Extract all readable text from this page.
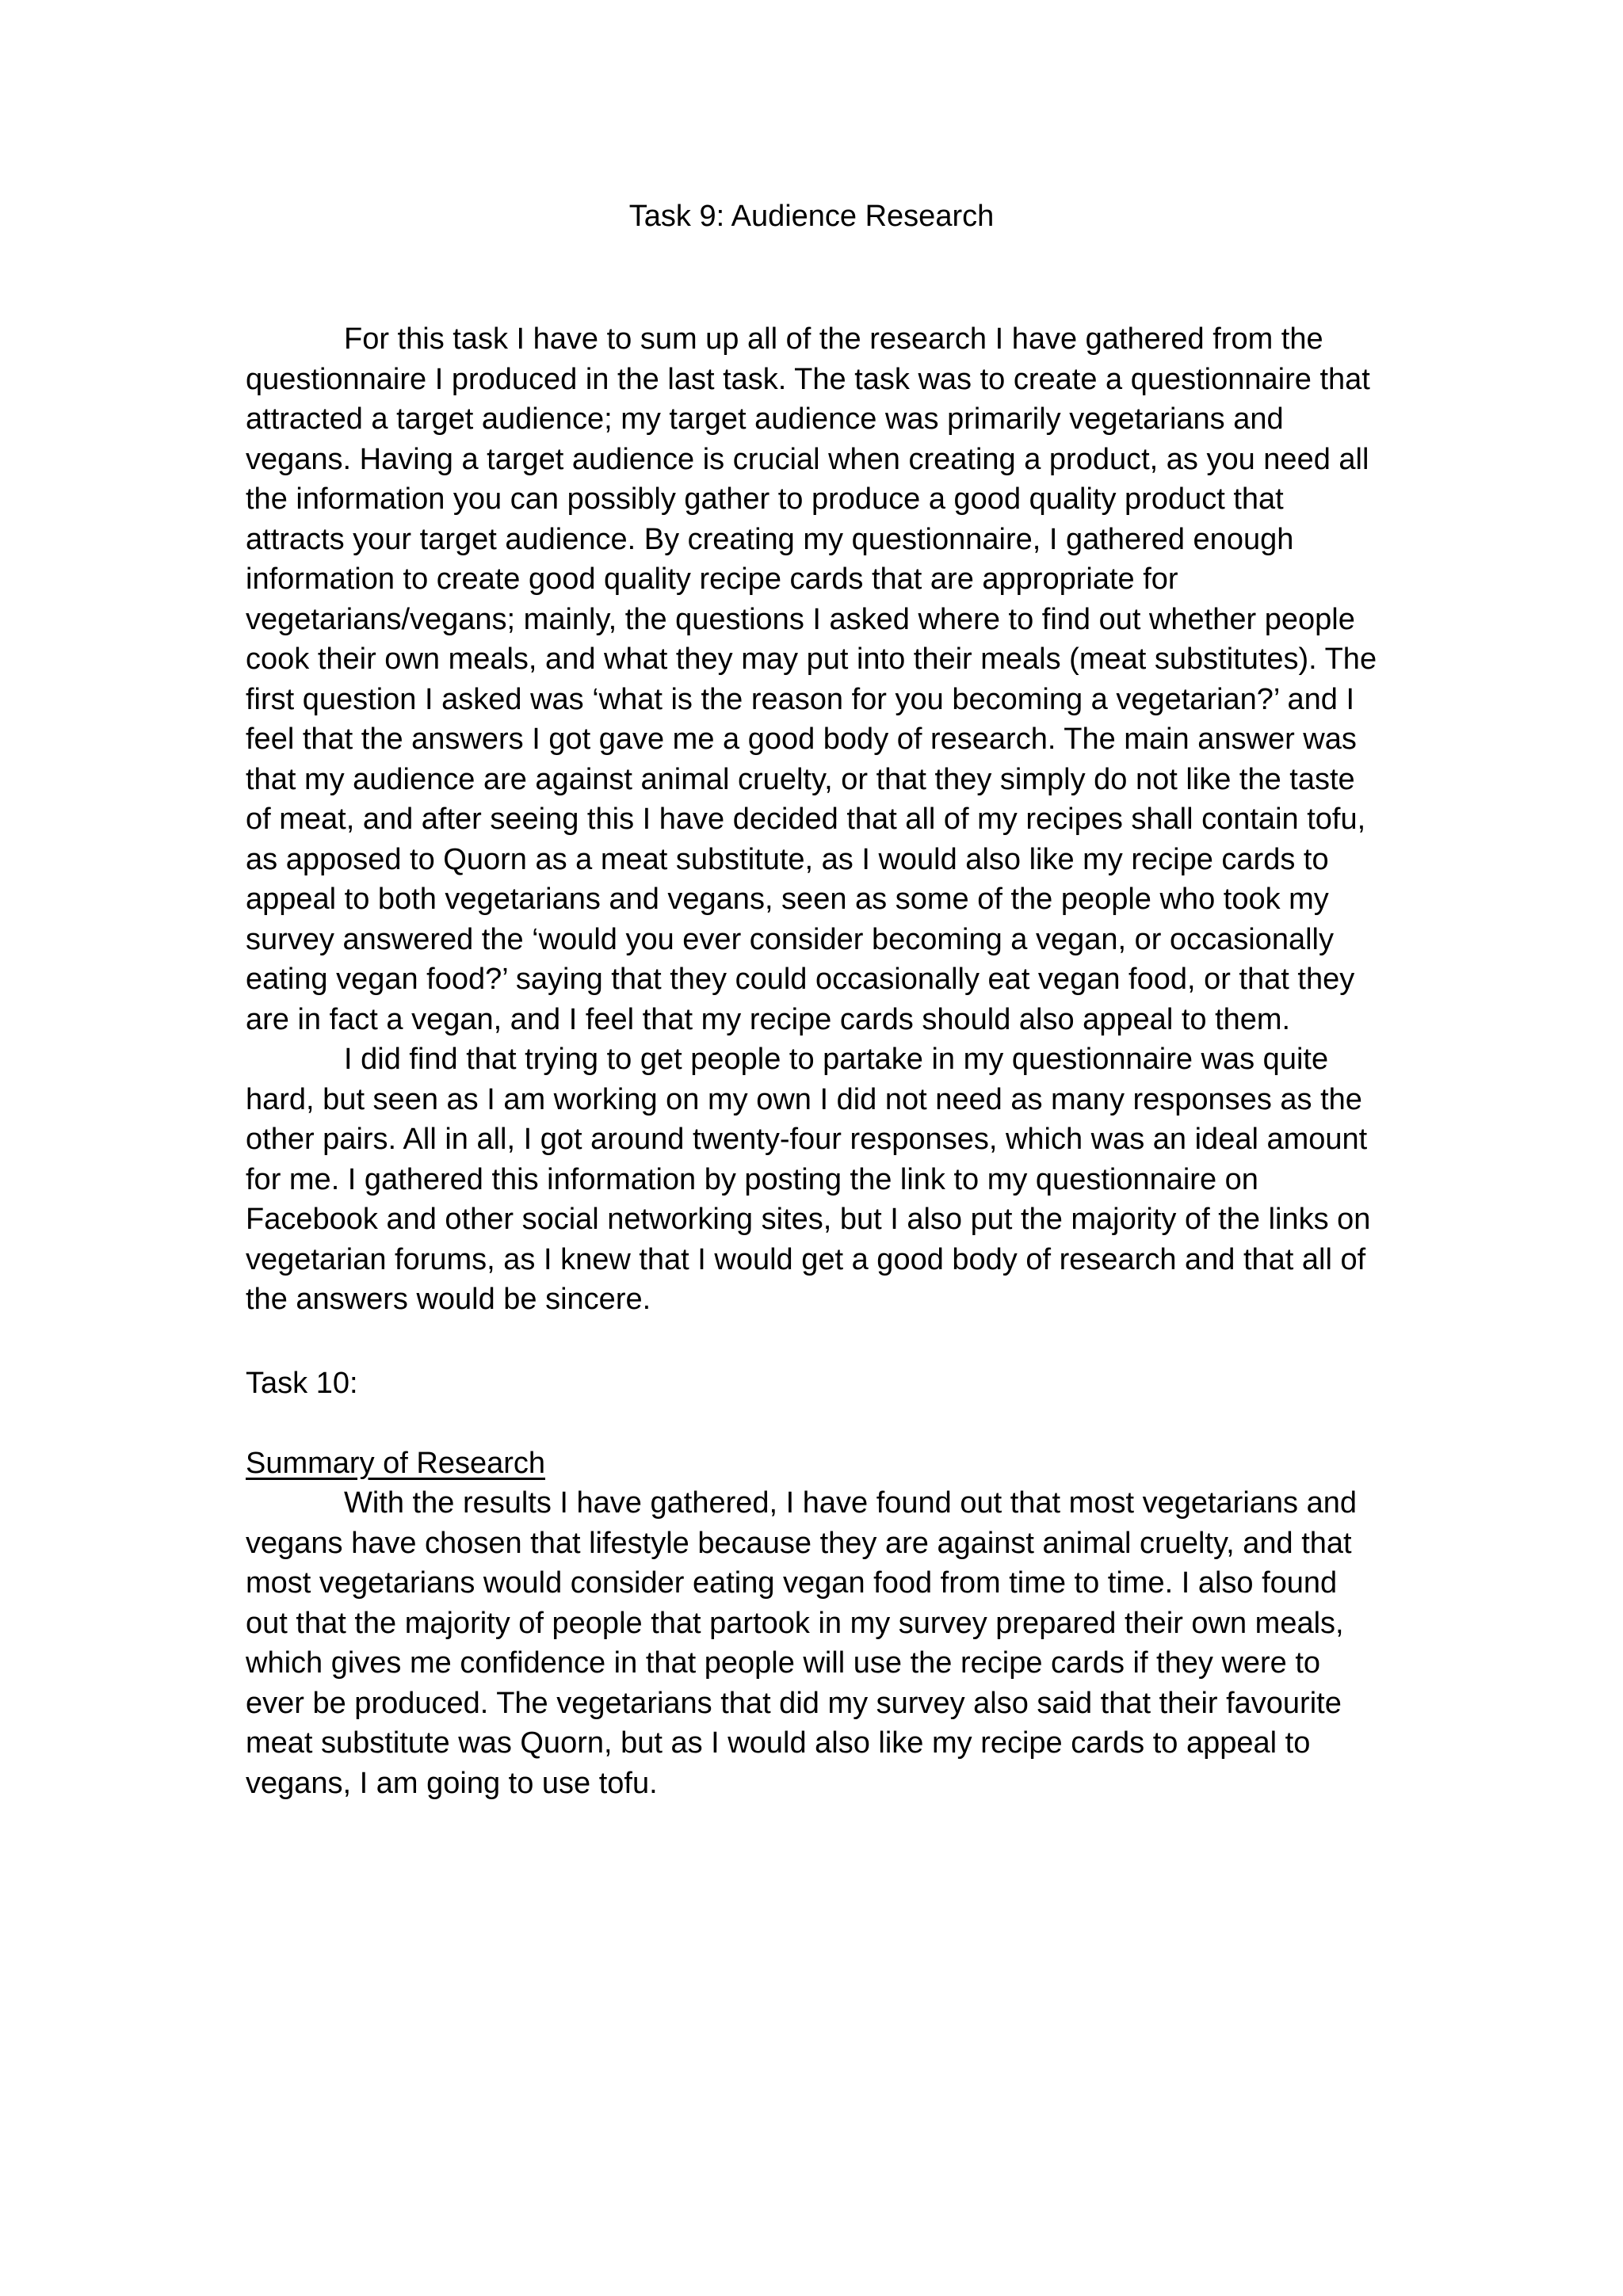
Task 9: Audience Research

For this task I have to sum up all of the research I have gathered from the questionnaire I produced in the last task. The task was to create a questionnaire that attracted a target audience; my target audience was primarily vegetarians and vegans. Having a target audience is crucial when creating a product, as you need all the information you can possibly gather to produce a good quality product that attracts your target audience. By creating my questionnaire, I gathered enough information to create good quality recipe cards that are appropriate for vegetarians/vegans; mainly, the questions I asked where to find out whether people cook their own meals, and what they may put into their meals (meat substitutes). The first question I asked was ‘what is the reason for you becoming a vegetarian?’ and I feel that the answers I got gave me a good body of research. The main answer was that my audience are against animal cruelty, or that they simply do not like the taste of meat, and after seeing this I have decided that all of my recipes shall contain tofu, as apposed to Quorn as a meat substitute, as I would also like my recipe cards to appeal to both vegetarians and vegans, seen as some of the people who took my survey answered the ‘would you ever consider becoming a vegan, or occasionally eating vegan food?’ saying that they could occasionally eat vegan food, or that they are in fact a vegan, and I feel that my recipe cards should also appeal to them.

I did find that trying to get people to partake in my questionnaire was quite hard, but seen as I am working on my own I did not need as many responses as the other pairs. All in all, I got around twenty-four responses, which was an ideal amount for me. I gathered this information by posting the link to my questionnaire on Facebook and other social networking sites, but I also put the majority of the links on vegetarian forums, as I knew that I would get a good body of research and that all of the answers would be sincere.

Task 10:

Summary of Research

With the results I have gathered, I have found out that most vegetarians and vegans have chosen that lifestyle because they are against animal cruelty, and that most vegetarians would consider eating vegan food from time to time. I also found out that the majority of people that partook in my survey prepared their own meals, which gives me confidence in that people will use the recipe cards if they were to ever be produced. The vegetarians that did my survey also said that their favourite meat substitute was Quorn, but as I would also like my recipe cards to appeal to vegans, I am going to use tofu.
